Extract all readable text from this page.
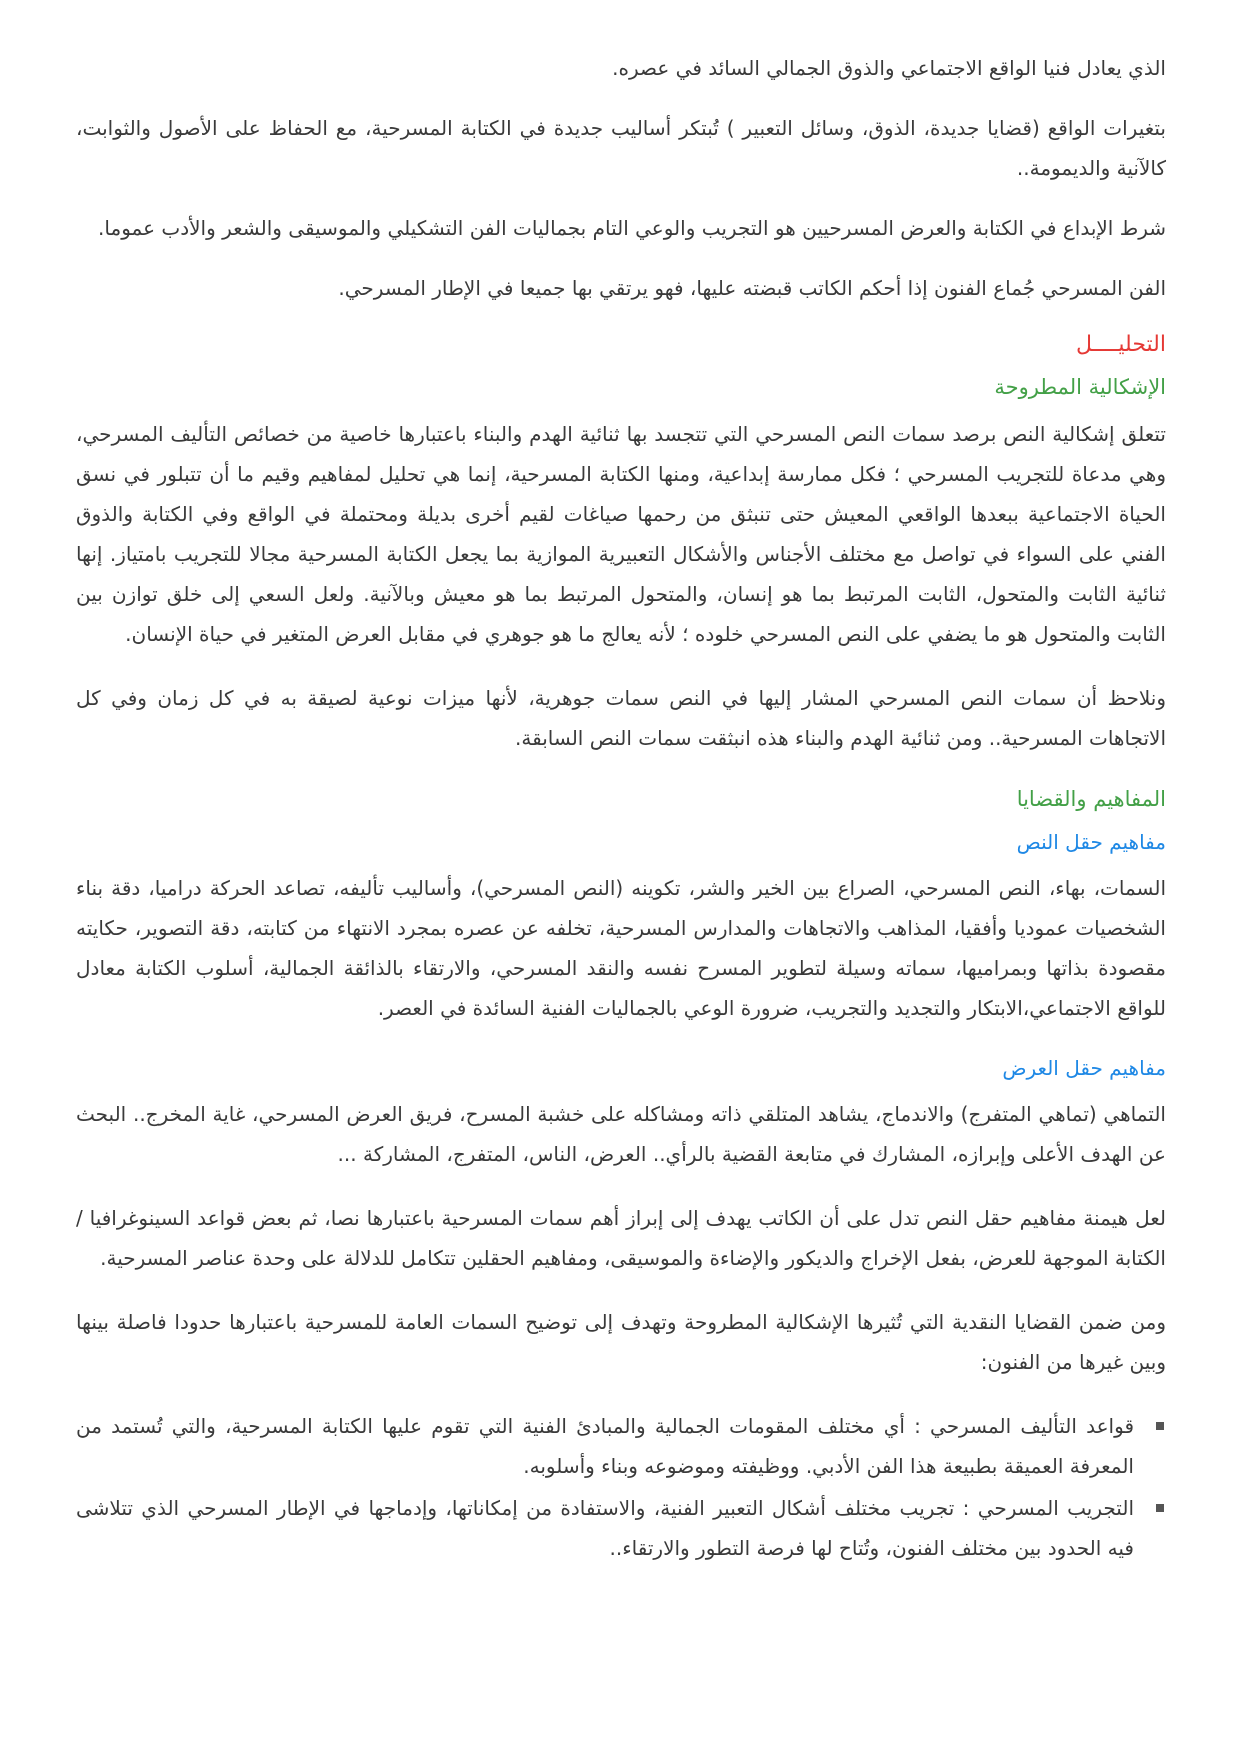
الذي يعادل فنيا الواقع الاجتماعي والذوق الجمالي السائد في عصره.

بتغيرات الواقع (قضايا جديدة، الذوق، وسائل التعبير ) تُبتكر أساليب جديدة في الكتابة المسرحية، مع الحفاظ على الأصول والثوابت، كالآنية والديمومة..

شرط الإبداع في الكتابة والعرض المسرحيين هو التجريب والوعي التام بجماليات الفن التشكيلي والموسيقى والشعر والأدب عموما.

الفن المسرحي جُماع الفنون إذا أحكم الكاتب قبضته عليها، فهو يرتقي بها جميعا في الإطار المسرحي.

التحليــــل
الإشكالية المطروحة

تتعلق إشكالية النص برصد سمات النص المسرحي التي تتجسد بها ثنائية الهدم والبناء باعتبارها خاصية من خصائص التأليف المسرحي، وهي مدعاة للتجريب المسرحي ؛ فكل ممارسة إبداعية، ومنها الكتابة المسرحية، إنما هي تحليل لمفاهيم وقيم ما أن تتبلور في نسق الحياة الاجتماعية ببعدها الواقعي المعيش حتى تنبثق من رحمها صياغات لقيم أخرى بديلة ومحتملة في الواقع وفي الكتابة والذوق الفني على السواء في تواصل مع مختلف الأجناس والأشكال التعبيرية الموازية بما يجعل الكتابة المسرحية مجالا للتجريب بامتياز. إنها ثنائية الثابت والمتحول، الثابت المرتبط بما هو إنسان، والمتحول المرتبط بما هو معيش وبالآنية. ولعل السعي إلى خلق توازن بين الثابت والمتحول هو ما يضفي على النص المسرحي خلوده ؛ لأنه يعالج ما هو جوهري في مقابل العرض المتغير في حياة الإنسان.

ونلاحظ أن سمات النص المسرحي المشار إليها في النص سمات جوهرية، لأنها ميزات نوعية لصيقة به في كل زمان وفي كل الاتجاهات المسرحية.. ومن ثنائية الهدم والبناء هذه انبثقت سمات النص السابقة.

المفاهيم والقضايا
مفاهيم حقل النص

السمات، بهاء، النص المسرحي، الصراع بين الخير والشر، تكوينه (النص المسرحي)، وأساليب تأليفه، تصاعد الحركة دراميا، دقة بناء الشخصيات عموديا وأفقيا، المذاهب والاتجاهات والمدارس المسرحية، تخلفه عن عصره بمجرد الانتهاء من كتابته، دقة التصوير، حكايته مقصودة بذاتها وبمراميها، سماته وسيلة لتطوير المسرح نفسه والنقد المسرحي، والارتقاء بالذائقة الجمالية، أسلوب الكتابة معادل للواقع الاجتماعي،الابتكار والتجديد والتجريب، ضرورة الوعي بالجماليات الفنية السائدة في العصر.

مفاهيم حقل العرض

التماهي (تماهي المتفرج) والاندماج، يشاهد المتلقي ذاته ومشاكله على خشبة المسرح، فريق العرض المسرحي، غاية المخرج.. البحث عن الهدف الأعلى وإبرازه، المشارك في متابعة القضية بالرأي.. العرض، الناس، المتفرج، المشاركة ...

لعل هيمنة مفاهيم حقل النص تدل على أن الكاتب يهدف إلى إبراز أهم سمات المسرحية باعتبارها نصا، ثم بعض قواعد السينوغرافيا / الكتابة الموجهة للعرض، بفعل الإخراج والديكور والإضاءة والموسيقى، ومفاهيم الحقلين تتكامل للدلالة على وحدة عناصر المسرحية.

ومن ضمن القضايا النقدية التي تُثيرها الإشكالية المطروحة وتهدف إلى توضيح السمات العامة للمسرحية باعتبارها حدودا فاصلة بينها وبين غيرها من الفنون:

قواعد التأليف المسرحي : أي مختلف المقومات الجمالية والمبادئ الفنية التي تقوم عليها الكتابة المسرحية، والتي تُستمد من المعرفة العميقة بطبيعة هذا الفن الأدبي. ووظيفته وموضوعه وبناء وأسلوبه.
التجريب المسرحي : تجريب مختلف أشكال التعبير الفنية، والاستفادة من إمكاناتها، وإدماجها في الإطار المسرحي الذي تتلاشى فيه الحدود بين مختلف الفنون، وتُتاح لها فرصة التطور والارتقاء..
